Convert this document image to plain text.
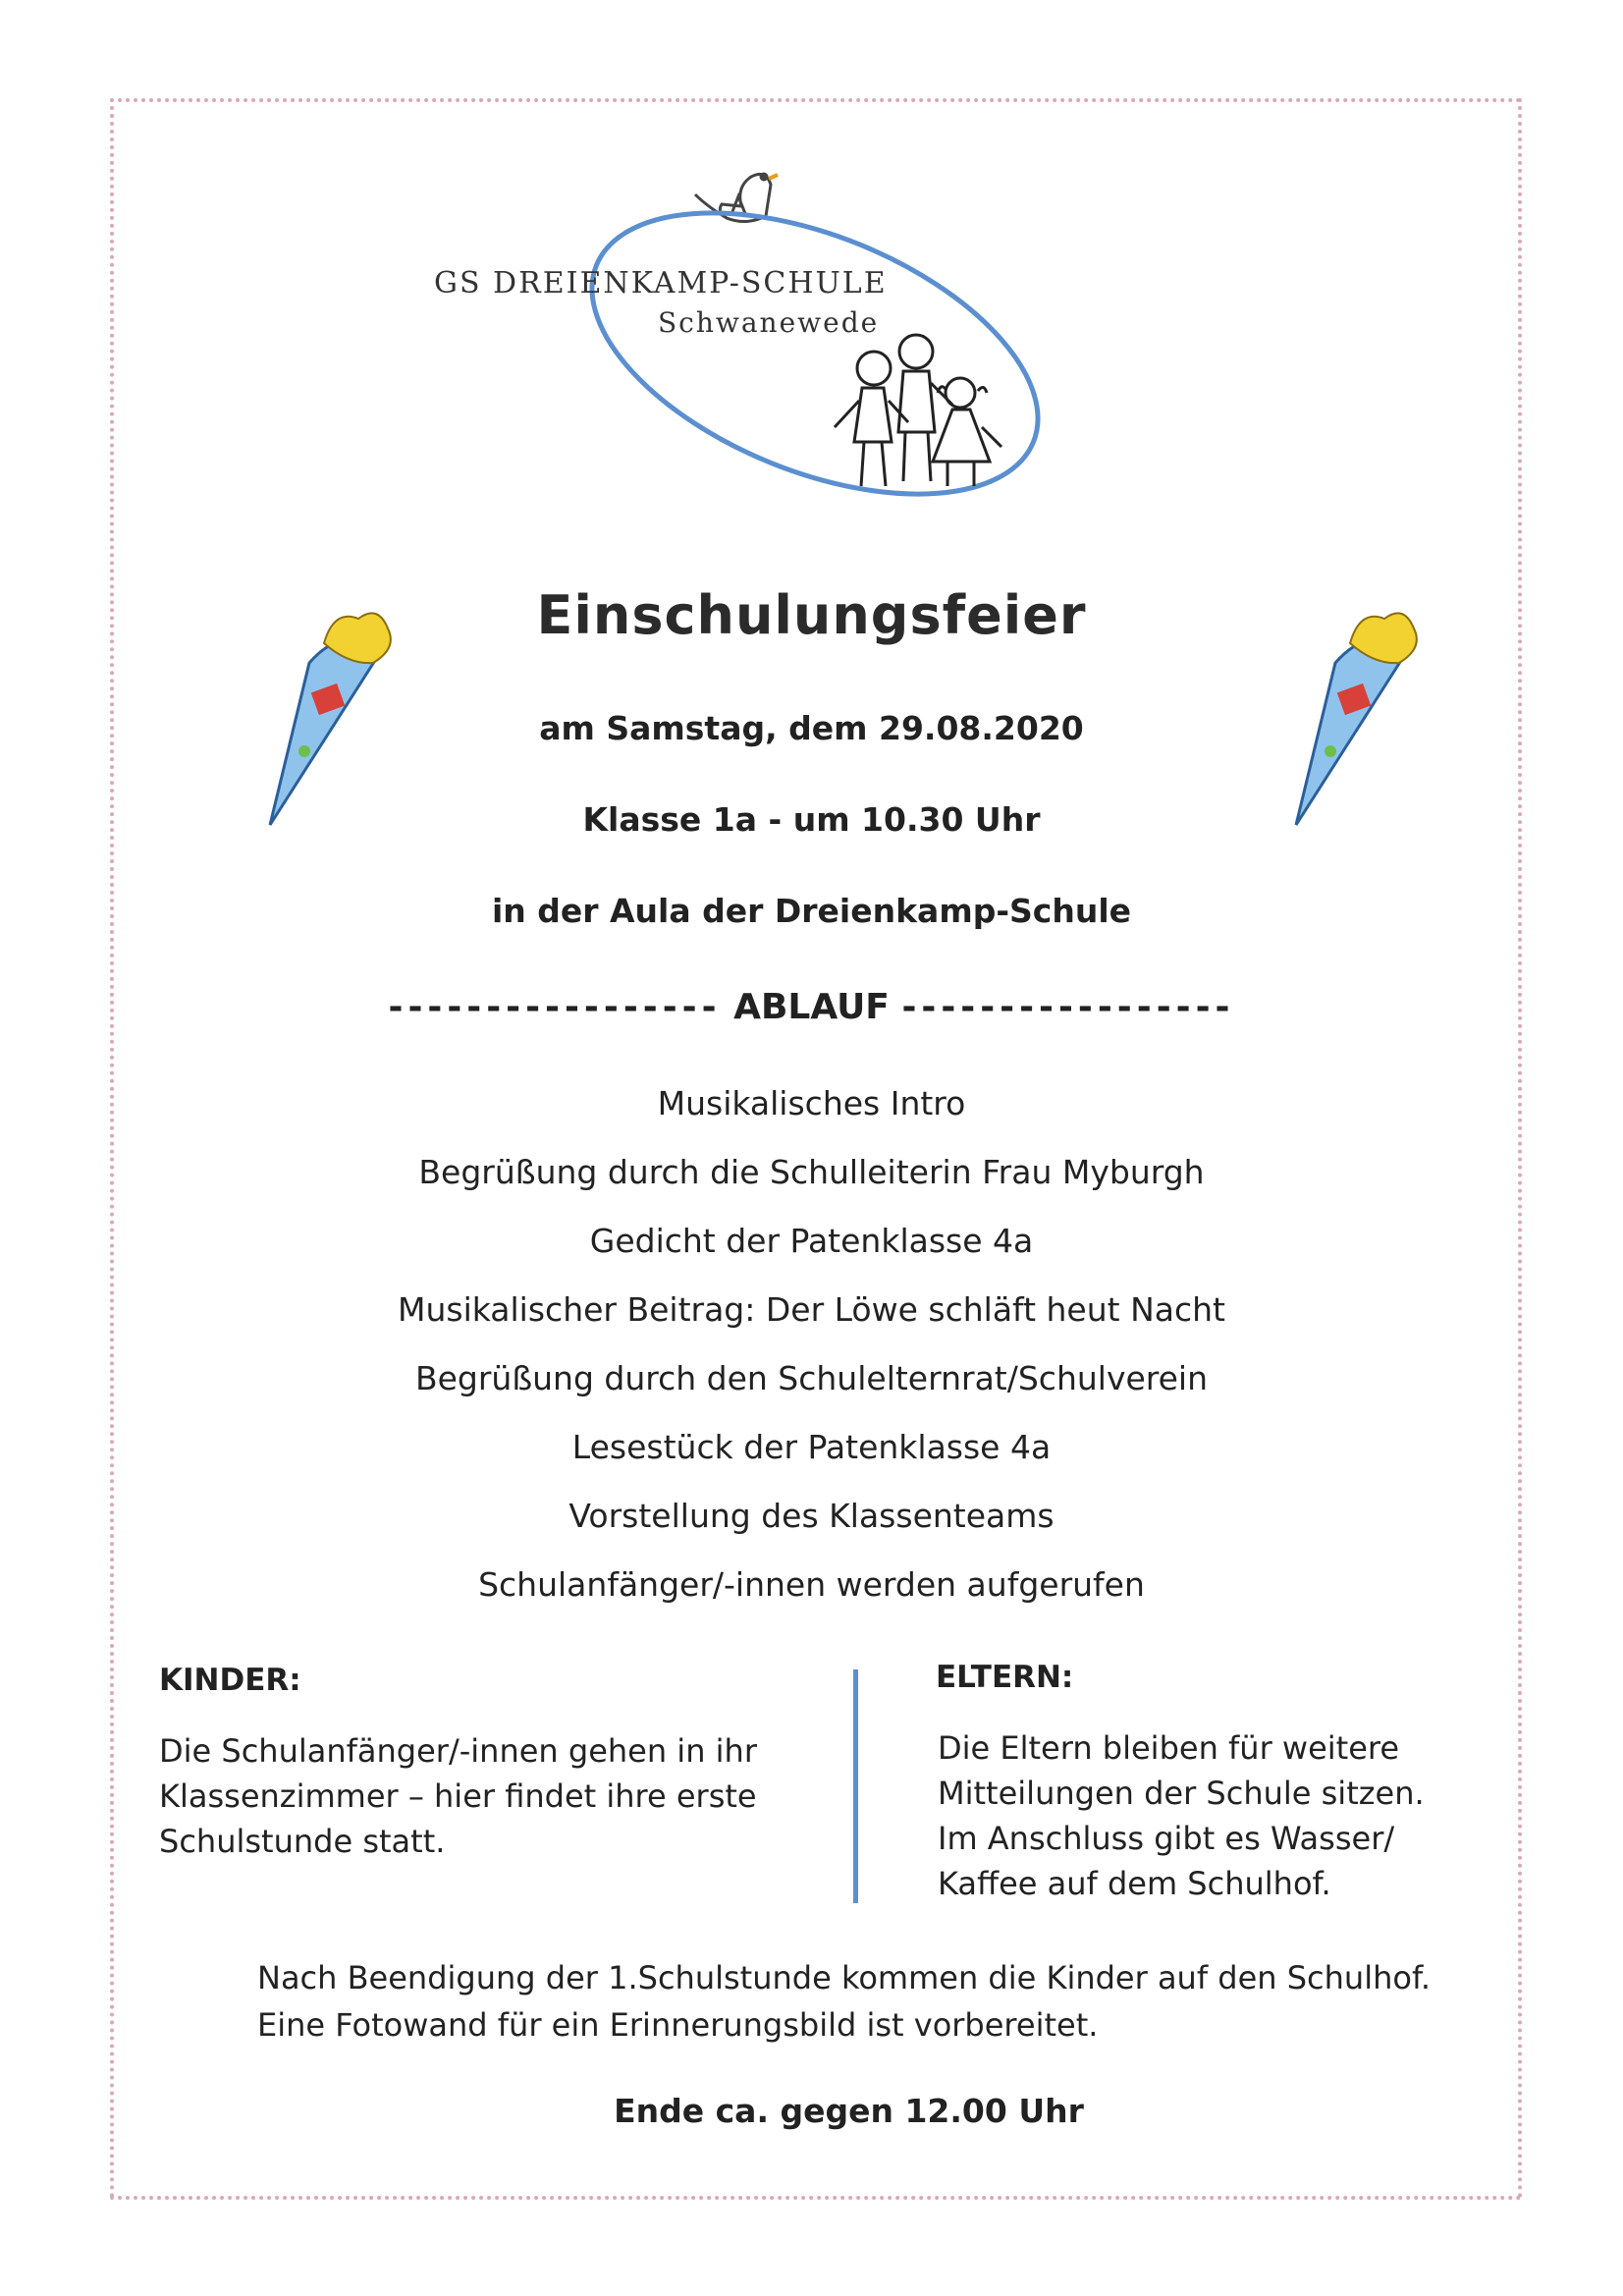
GS DREIENKAMP-SCHULE
Schwanewede
Einschulungsfeier
am Samstag, dem 29.08.2020
Klasse 1a - um 10.30 Uhr
in der Aula der Dreienkamp-Schule
----------------- ABLAUF -----------------
Musikalisches Intro
Begrüßung durch die Schulleiterin Frau Myburgh
Gedicht der Patenklasse 4a
Musikalischer Beitrag: Der Löwe schläft heut Nacht
Begrüßung durch den Schulelternrat/Schulverein
Lesestück der Patenklasse 4a
Vorstellung des Klassenteams
Schulanfänger/-innen werden aufgerufen
KINDER:
Die Schulanfänger/-innen gehen in ihr
Klassenzimmer – hier findet ihre erste
Schulstunde statt.
ELTERN:
Die Eltern bleiben für weitere
Mitteilungen der Schule sitzen.
Im Anschluss gibt es Wasser/
Kaffee auf dem Schulhof.
Nach Beendigung der 1.Schulstunde kommen die Kinder auf den Schulhof.
Eine Fotowand für ein Erinnerungsbild ist vorbereitet.
Ende ca. gegen 12.00 Uhr
